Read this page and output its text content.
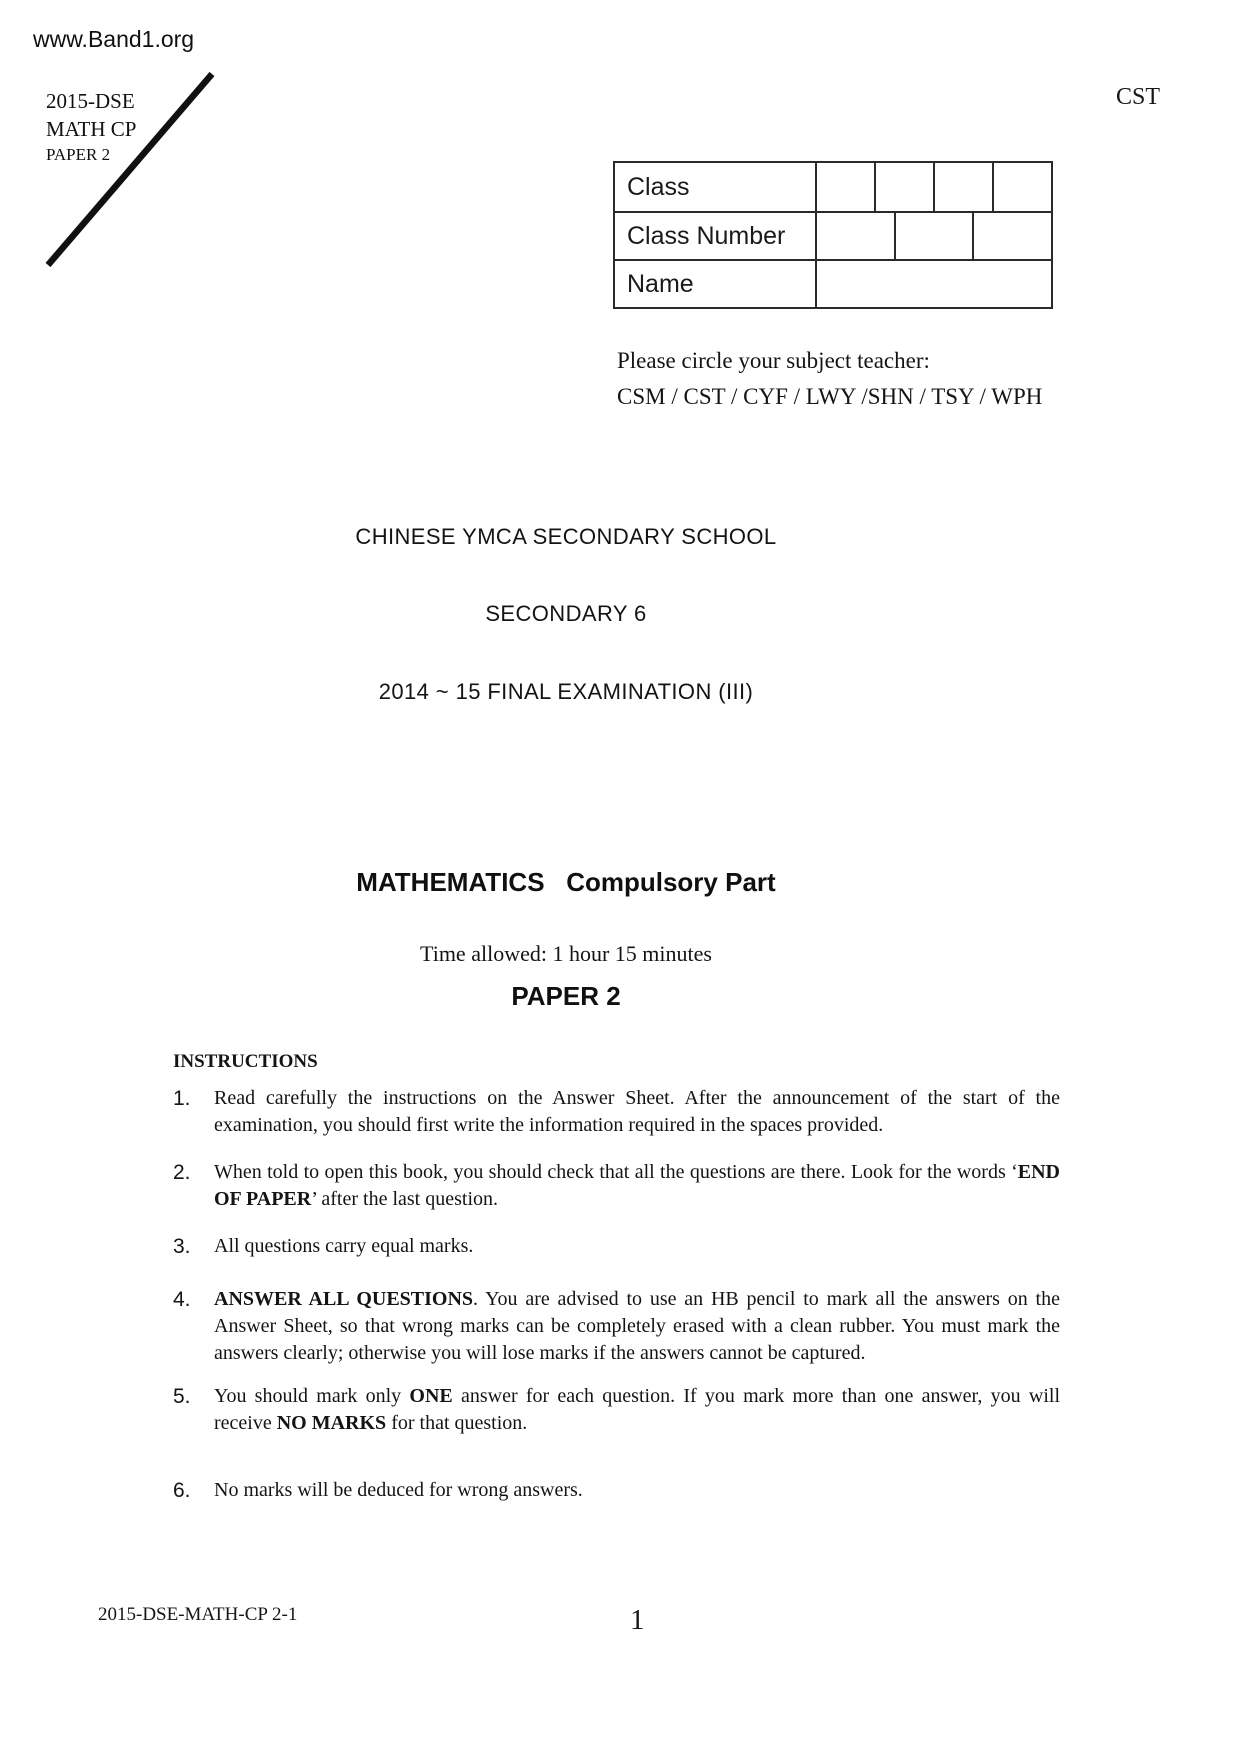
www.Band1.org
2015-DSE
MATH CP
PAPER 2
CST
Class
Class Number
Name
Please circle your subject teacher:
CSM / CST / CYF / LWY /SHN / TSY / WPH
CHINESE YMCA SECONDARY SCHOOL
SECONDARY 6
2014 ~ 15 FINAL EXAMINATION (III)

MATHEMATICS   Compulsory Part

PAPER 2

Time allowed: 1 hour 15 minutes
INSTRUCTIONS
1.	Read carefully the instructions on the Answer Sheet. After the announcement of the start of the examination, you should first write the information required in the spaces provided.
2.	When told to open this book, you should check that all the questions are there. Look for the words ‘END OF PAPER’ after the last question.
3.	All questions carry equal marks.
4.	ANSWER ALL QUESTIONS. You are advised to use an HB pencil to mark all the answers on the Answer Sheet, so that wrong marks can be completely erased with a clean rubber. You must mark the answers clearly; otherwise you will lose marks if the answers cannot be captured.
5.	You should mark only ONE answer for each question. If you mark more than one answer, you will receive NO MARKS for that question.
6.	No marks will be deduced for wrong answers.
2015-DSE-MATH-CP 2-1	1
